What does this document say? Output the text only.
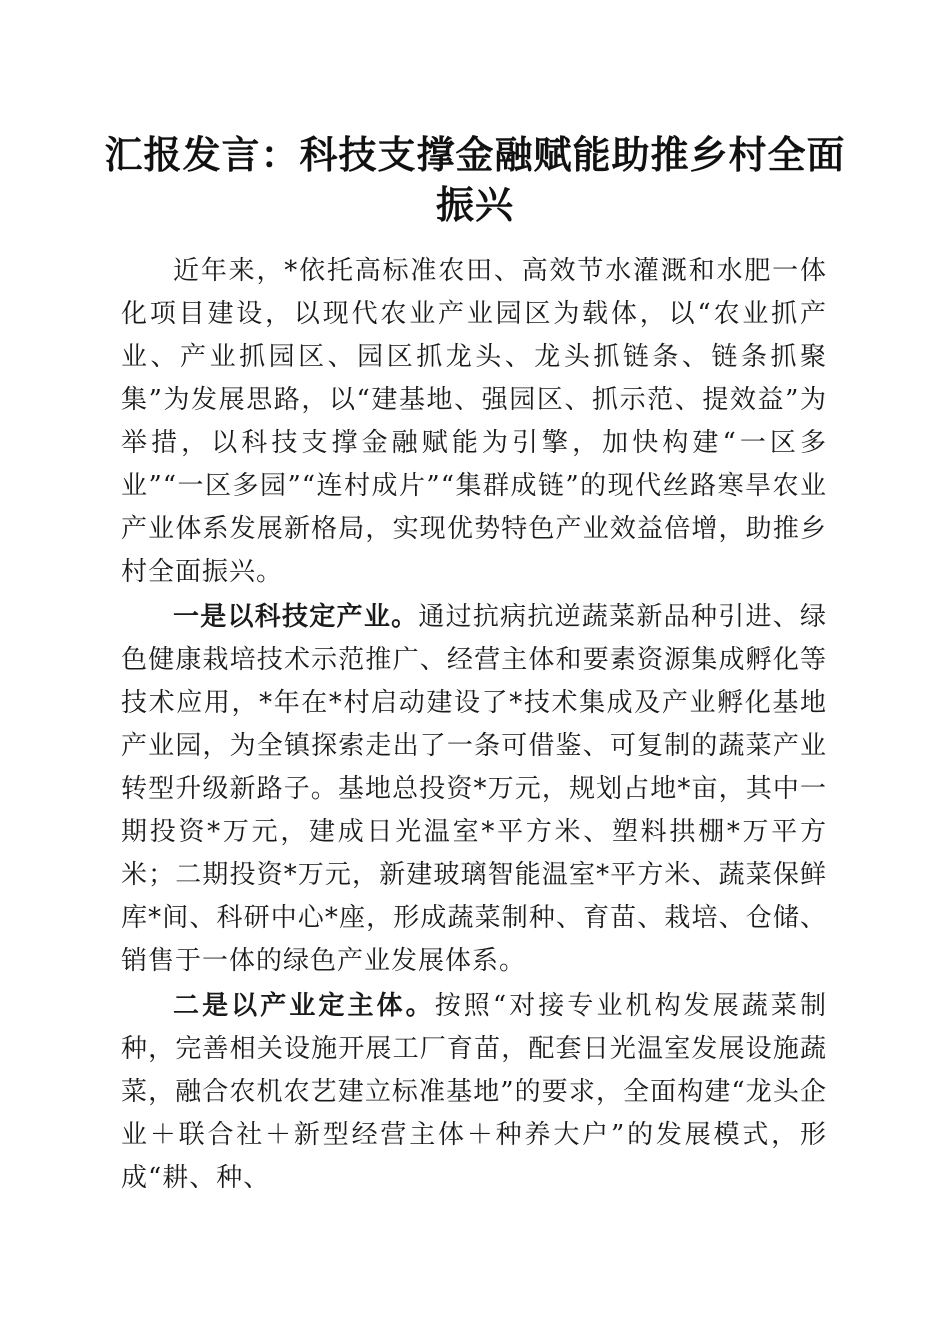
汇报发言：科技支撑金融赋能助推乡村全面振兴

近年来，*依托高标准农田、高效节水灌溉和水肥一体化项目建设，以现代农业产业园区为载体，以“农业抓产业、产业抓园区、园区抓龙头、龙头抓链条、链条抓聚集”为发展思路，以“建基地、强园区、抓示范、提效益”为举措，以科技支撑金融赋能为引擎，加快构建“一区多业”“一区多园”“连村成片”“集群成链”的现代丝路寒旱农业产业体系发展新格局，实现优势特色产业效益倍增，助推乡村全面振兴。

一是以科技定产业。通过抗病抗逆蔬菜新品种引进、绿色健康栽培技术示范推广、经营主体和要素资源集成孵化等技术应用，*年在*村启动建设了*技术集成及产业孵化基地产业园，为全镇探索走出了一条可借鉴、可复制的蔬菜产业转型升级新路子。基地总投资*万元，规划占地*亩，其中一期投资*万元，建成日光温室*平方米、塑料拱棚*万平方米；二期投资*万元，新建玻璃智能温室*平方米、蔬菜保鲜库*间、科研中心*座，形成蔬菜制种、育苗、栽培、仓储、销售于一体的绿色产业发展体系。

二是以产业定主体。按照“对接专业机构发展蔬菜制种，完善相关设施开展工厂育苗，配套日光温室发展设施蔬菜，融合农机农艺建立标准基地”的要求，全面构建“龙头企业＋联合社＋新型经营主体＋种养大户”的发展模式，形成“耕、种、
